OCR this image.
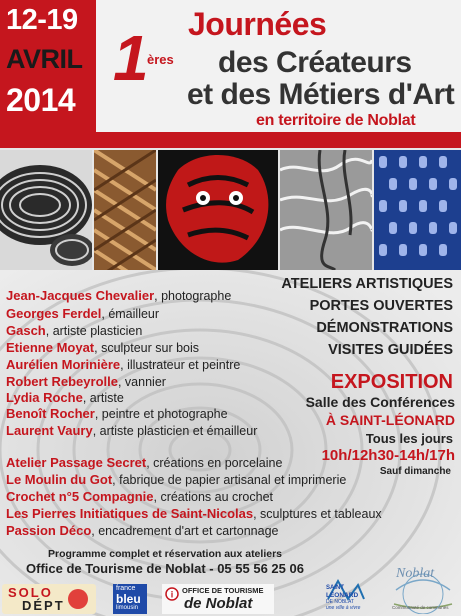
12-19
AVRIL
2014
1
ères
Journées
des Créateurs
et des Métiers d'Art
en territoire de Noblat
Jean-Jacques Chevalier, photographe
Georges Ferdel, émailleur
Gasch, artiste plasticien
Etienne Moyat, sculpteur sur bois
Aurélien Morinière, illustrateur et peintre
Robert Rebeyrolle, vannier
Lydia Roche, artiste
Benoît Rocher, peintre et photographe
Laurent Vaury, artiste plasticien et émailleur
Atelier Passage Secret, créations en porcelaine
Le Moulin du Got, fabrique de papier artisanal et imprimerie
Crochet n°5 Compagnie, créations au crochet
Les Pierres Initiatiques de Saint-Nicolas, sculptures et tableaux
Passion Déco, encadrement d'art et cartonnage
ATELIERS ARTISTIQUES
PORTES OUVERTES
DÉMONSTRATIONS
VISITES GUIDÉES
EXPOSITION
Salle des Conférences
À SAINT-LÉONARD
Tous les jours
10h/12h30-14h/17h
Sauf dimanche
Programme complet et réservation aux ateliers
Office de Tourisme de Noblat - 05 55 56 25 06
SOLO
DÉPT
france
bleu
limousin
i OFFICE DE TOURISME
de Noblat
SAINT
LÉONARD
DE NOBLAT
une ville à vivre
Noblat
Communauté de communes
